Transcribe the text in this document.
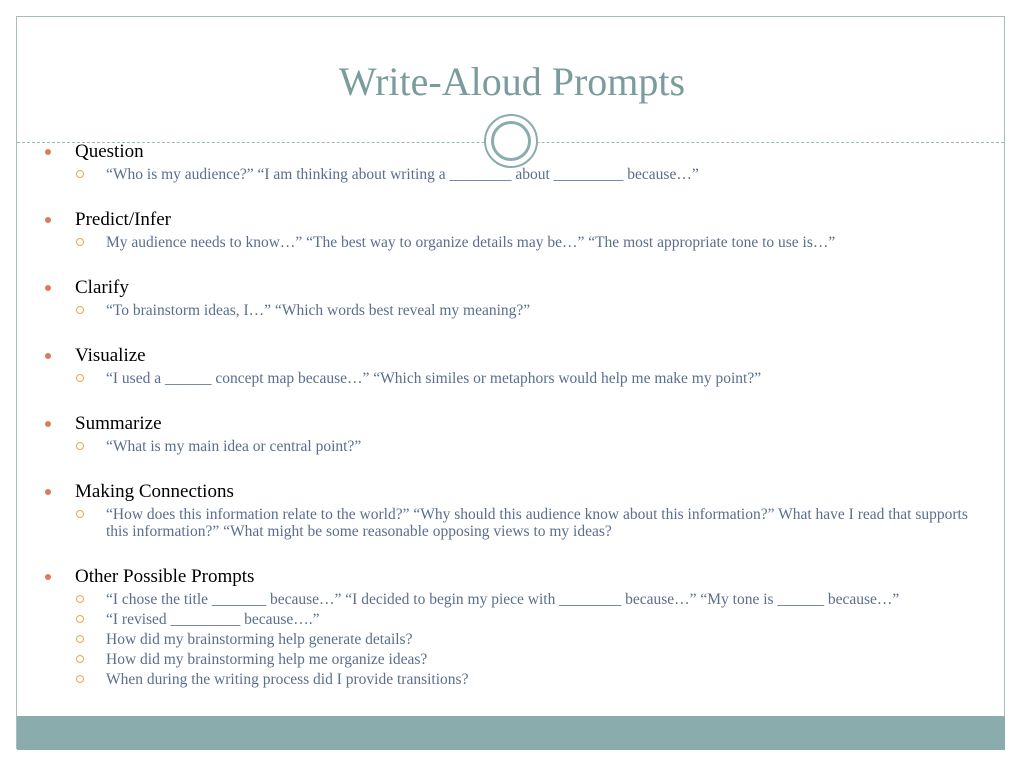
Write-Aloud Prompts
Question
“Who is my audience?” “I am thinking about writing a ________ about _________ because…”
Predict/Infer
My audience needs to know…” “The best way to organize details may be…” “The most appropriate tone to use is…”
Clarify
“To brainstorm ideas, I…” “Which words best reveal my meaning?”
Visualize
“I used a ______ concept map because…” “Which similes or metaphors would help me make my point?”
Summarize
“What is my main idea or central point?”
Making Connections
“How does this information relate to the world?” “Why should this audience know about this information?” What have I read that supports this information?” “What might be some reasonable opposing views to my ideas?
Other Possible Prompts
“I chose the title _______ because…” “I decided to begin my piece with ________ because…” “My tone is ______ because…”
“I revised _________ because….”
How did my brainstorming help generate details?
How did my brainstorming help me organize ideas?
When during the writing process did I provide transitions?
